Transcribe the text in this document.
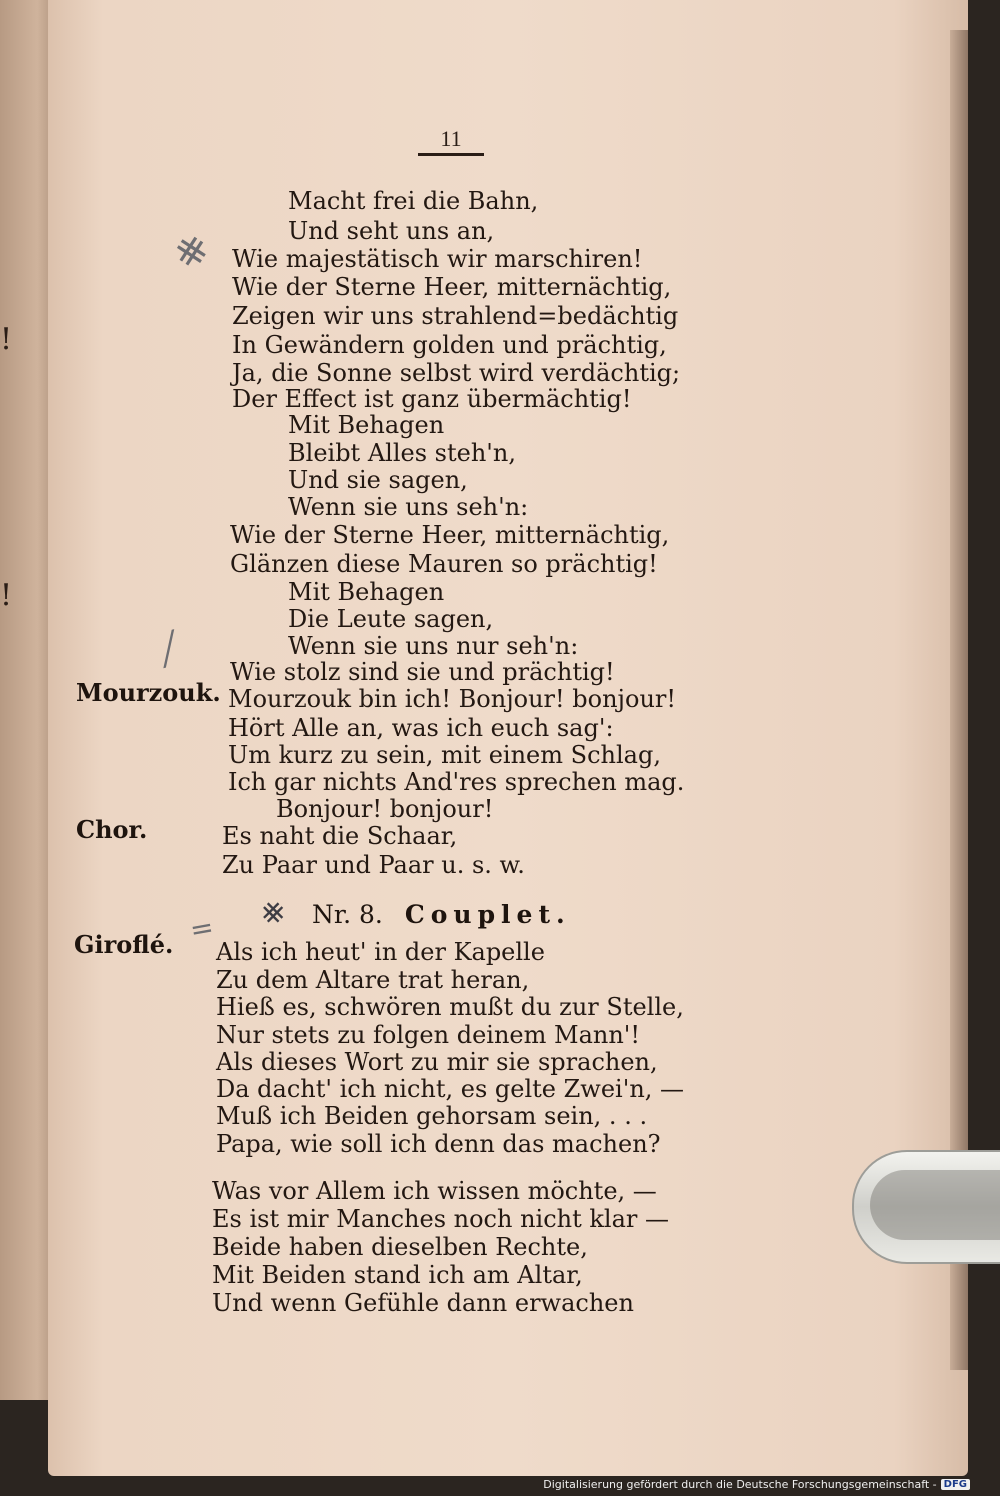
!
!
11
⨳
╱
= ⨳
Mourzouk.
Chor.
Giroflé.
Nr. 8. Couplet.
Macht frei die Bahn,
Und seht uns an,
Wie majestätisch wir marschiren!
Wie der Sterne Heer, mitternächtig,
Zeigen wir uns strahlend=bedächtig
In Gewändern golden und prächtig,
Ja, die Sonne selbst wird verdächtig;
Der Effect ist ganz übermächtig!
Mit Behagen
Bleibt Alles steh'n,
Und sie sagen,
Wenn sie uns seh'n:
Wie der Sterne Heer, mitternächtig,
Glänzen diese Mauren so prächtig!
Mit Behagen
Die Leute sagen,
Wenn sie uns nur seh'n:
Wie stolz sind sie und prächtig!
Mourzouk bin ich! Bonjour! bonjour!
Hört Alle an, was ich euch sag':
Um kurz zu sein, mit einem Schlag,
Ich gar nichts And'res sprechen mag.
Bonjour! bonjour!
Es naht die Schaar,
Zu Paar und Paar u. s. w.
Als ich heut' in der Kapelle
Zu dem Altare trat heran,
Hieß es, schwören mußt du zur Stelle,
Nur stets zu folgen deinem Mann'!
Als dieses Wort zu mir sie sprachen,
Da dacht' ich nicht, es gelte Zwei'n, —
Muß ich Beiden gehorsam sein, . . .
Papa, wie soll ich denn das machen?
Was vor Allem ich wissen möchte, —
Es ist mir Manches noch nicht klar —
Beide haben dieselben Rechte,
Mit Beiden stand ich am Altar,
Und wenn Gefühle dann erwachen
Digitalisierung gefördert durch die Deutsche Forschungsgemeinschaft - DFG
